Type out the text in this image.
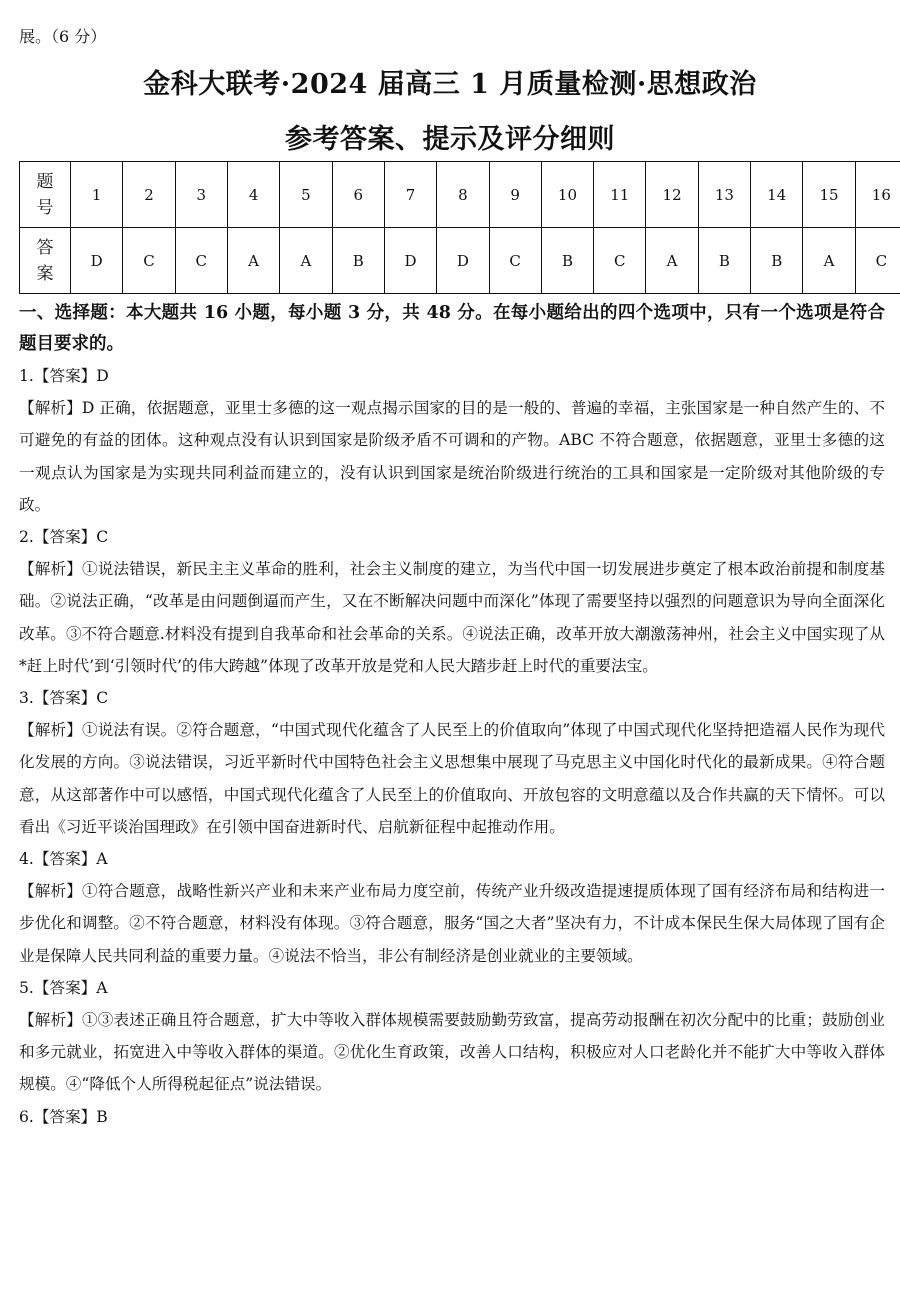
展。（6 分）
金科大联考·2024 届高三 1 月质量检测·思想政治
参考答案、提示及评分细则
题
号	1	2	3	4	5	6	7	8	9	10	11	12	13	14	15	16

答
案	D	C	C	A	A	B	D	D	C	B	C	A	B	B	A	C

一、选择题：本大题共 16 小题，每小题 3 分，共 48 分。在每小题给出的四个选项中，只有一个选项是符合题目要求的。

1.【答案】D

【解析】D 正确，依据题意，亚里士多德的这一观点揭示国家的目的是一般的、普遍的幸福，主张国家是一种自然产生的、不可避免的有益的团体。这种观点没有认识到国家是阶级矛盾不可调和的产物。ABC 不符合题意，依据题意，亚里士多德的这一观点认为国家是为实现共同利益而建立的，没有认识到国家是统治阶级进行统治的工具和国家是一定阶级对其他阶级的专政。

2.【答案】C

【解析】①说法错误，新民主主义革命的胜利，社会主义制度的建立，为当代中国一切发展进步奠定了根本政治前提和制度基础。②说法正确，“改革是由问题倒逼而产生，又在不断解决问题中而深化”体现了需要坚持以强烈的问题意识为导向全面深化改革。③不符合题意.材料没有提到自我革命和社会革命的关系。④说法正确，改革开放大潮激荡神州，社会主义中国实现了从*赶上时代’到‘引领时代’的伟大跨越”体现了改革开放是党和人民大踏步赶上时代的重要法宝。

3.【答案】C

【解析】①说法有误。②符合题意，“中国式现代化蕴含了人民至上的价值取向”体现了中国式现代化坚持把造福人民作为现代化发展的方向。③说法错误，习近平新时代中国特色社会主义思想集中展现了马克思主义中国化时代化的最新成果。④符合题意，从这部著作中可以感悟，中国式现代化蕴含了人民至上的价值取向、开放包容的文明意蕴以及合作共赢的天下情怀。可以看出《习近平谈治国理政》在引领中国奋进新时代、启航新征程中起推动作用。

4.【答案】A

【解析】①符合题意，战略性新兴产业和未来产业布局力度空前，传统产业升级改造提速提质体现了国有经济布局和结构进一步优化和调整。②不符合题意，材料没有体现。③符合题意，服务“国之大者”坚决有力，不计成本保民生保大局体现了国有企业是保障人民共同利益的重要力量。④说法不恰当，非公有制经济是创业就业的主要领域。

5.【答案】A

【解析】①③表述正确且符合题意，扩大中等收入群体规模需要鼓励勤劳致富，提高劳动报酬在初次分配中的比重；鼓励创业和多元就业，拓宽进入中等收入群体的渠道。②优化生育政策，改善人口结构，积极应对人口老龄化并不能扩大中等收入群体规模。④“降低个人所得税起征点”说法错误。

6.【答案】B
